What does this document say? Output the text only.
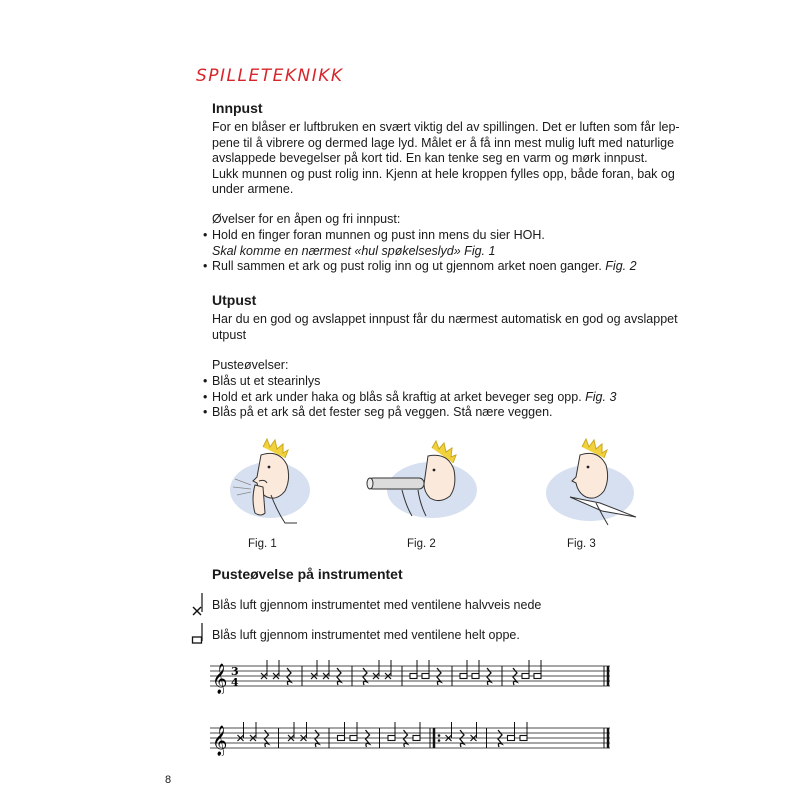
SPILLETEKNIKK
Innpust
For en blåser er luftbruken en svært viktig del av spillingen. Det er luften som får lep-
pene til å vibrere og dermed lage lyd. Målet er å få inn mest mulig luft med naturlige
avslappede bevegelser på kort tid. En kan tenke seg en varm og mørk innpust.
Lukk munnen og pust rolig inn. Kjenn at hele kroppen fylles opp, både foran, bak og
under armene.
Øvelser for en åpen og fri innpust:
• Hold en finger foran munnen og pust inn mens du sier HOH.
Skal komme en nærmest «hul spøkelseslyd» Fig. 1
• Rull sammen et ark og pust rolig inn og ut gjennom arket noen ganger. Fig. 2
Utpust
Har du en god og avslappet innpust får du nærmest automatisk en god og avslappet
utpust
Pusteøvelser:
• Blås ut et stearinlys
• Hold et ark under haka og blås så kraftig at arket beveger seg opp. Fig. 3
• Blås på et ark så det fester seg på veggen. Stå nære veggen.
Fig. 1	Fig. 2	Fig. 3
Pusteøvelse på instrumentet
Blås luft gjennom instrumentet med ventilene halvveis nede
Blås luft gjennom instrumentet med ventilene helt oppe.
𝄞 3
4
𝄞
8
